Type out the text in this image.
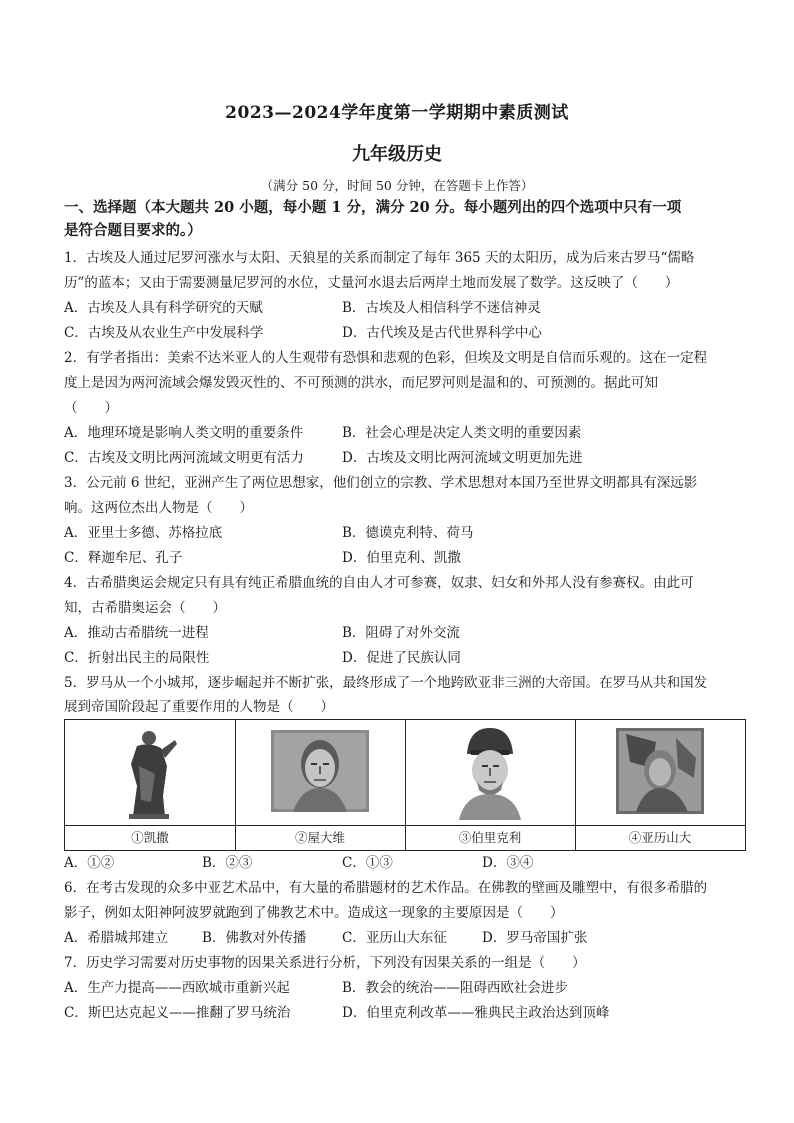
2023—2024学年度第一学期期中素质测试
九年级历史
（满分 50 分，时间 50 分钟，在答题卡上作答）
一、选择题（本大题共 20 小题，每小题 1 分，满分 20 分。每小题列出的四个选项中只有一项
是符合题目要求的。）
1．古埃及人通过尼罗河涨水与太阳、天狼星的关系而制定了每年 365 天的太阳历，成为后来古罗马“儒略
历”的蓝本；又由于需要测量尼罗河的水位，丈量河水退去后两岸土地而发展了数学。这反映了（　　）
A．古埃及人具有科学研究的天赋	B．古埃及人相信科学不迷信神灵
C．古埃及从农业生产中发展科学	D．古代埃及是古代世界科学中心
2．有学者指出：美索不达米亚人的人生观带有恐惧和悲观的色彩，但埃及文明是自信而乐观的。这在一定程
度上是因为两河流域会爆发毁灭性的、不可预测的洪水，而尼罗河则是温和的、可预测的。据此可知
（　　）
A．地理环境是影响人类文明的重要条件	B．社会心理是决定人类文明的重要因素
C．古埃及文明比两河流域文明更有活力	D．古埃及文明比两河流域文明更加先进
3．公元前 6 世纪，亚洲产生了两位思想家，他们创立的宗教、学术思想对本国乃至世界文明都具有深远影
响。这两位杰出人物是（　　）
A．亚里士多德、苏格拉底	B．德谟克利特、荷马
C．释迦牟尼、孔子	D．伯里克利、凯撒
4．古希腊奥运会规定只有具有纯正希腊血统的自由人才可参赛，奴隶、妇女和外邦人没有参赛权。由此可
知，古希腊奥运会（　　）
A．推动古希腊统一进程	B．阻碍了对外交流
C．折射出民主的局限性	D．促进了民族认同
5．罗马从一个小城邦，逐步崛起并不断扩张，最终形成了一个地跨欧亚非三洲的大帝国。在罗马从共和国发
展到帝国阶段起了重要作用的人物是（　　）
①凯撒	②屋大维	③伯里克利	④亚历山大
A．①②	B．②③	C．①③	D．③④
6．在考古发现的众多中亚艺术品中，有大量的希腊题材的艺术作品。在佛教的壁画及雕塑中，有很多希腊的
影子，例如太阳神阿波罗就跑到了佛教艺术中。造成这一现象的主要原因是（　　）
A．希腊城邦建立	B．佛教对外传播	C．亚历山大东征	D．罗马帝国扩张
7．历史学习需要对历史事物的因果关系进行分析，下列没有因果关系的一组是（　　）
A．生产力提高——西欧城市重新兴起	B．教会的统治——阻碍西欧社会进步
C．斯巴达克起义——推翻了罗马统治	D．伯里克利改革——雅典民主政治达到顶峰
